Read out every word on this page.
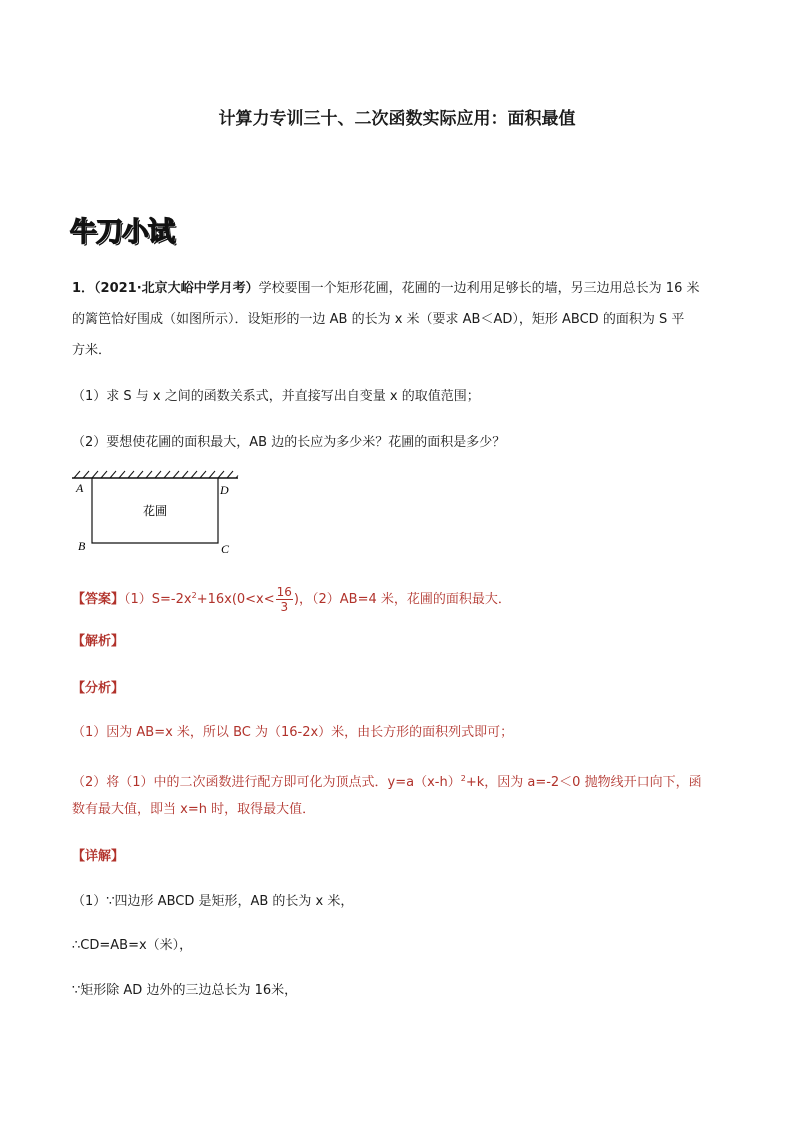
计算力专训三十、二次函数实际应用：面积最值
牛刀小试
1．（2021·北京大峪中学月考）学校要围一个矩形花圃，花圃的一边利用足够长的墙，另三边用总长为 16 米
的篱笆恰好围成（如图所示）．设矩形的一边 AB 的长为 x 米（要求 AB＜AD），矩形 ABCD 的面积为 S 平
方米．
（1）求 S 与 x 之间的函数关系式，并直接写出自变量 x 的取值范围；
（2）要想使花圃的面积最大，AB 边的长应为多少米？花圃的面积是多少？
A	D
B	C
花圃
【答案】$(1)S=-2x^2+16x(0<x< \frac{16}{3}$ )，（2）AB=4 米，花圃的面积最大．
【解析】
【分析】
（1）因为 AB=x 米，所以 BC 为（16-2x）米，由长方形的面积列式即可；
（2）将（1）中的二次函数进行配方即可化为顶点式．$y=a(x-h)^2+k$，因为 a=-2＜0 抛物线开口向下，函
数有最大值，即当 x=h 时，取得最大值．
【详解】
（1）∵四边形 ABCD 是矩形，AB 的长为 x 米，
∴CD=AB=x（米），
∵矩形除 AD 边外的三边总长为 16米，
